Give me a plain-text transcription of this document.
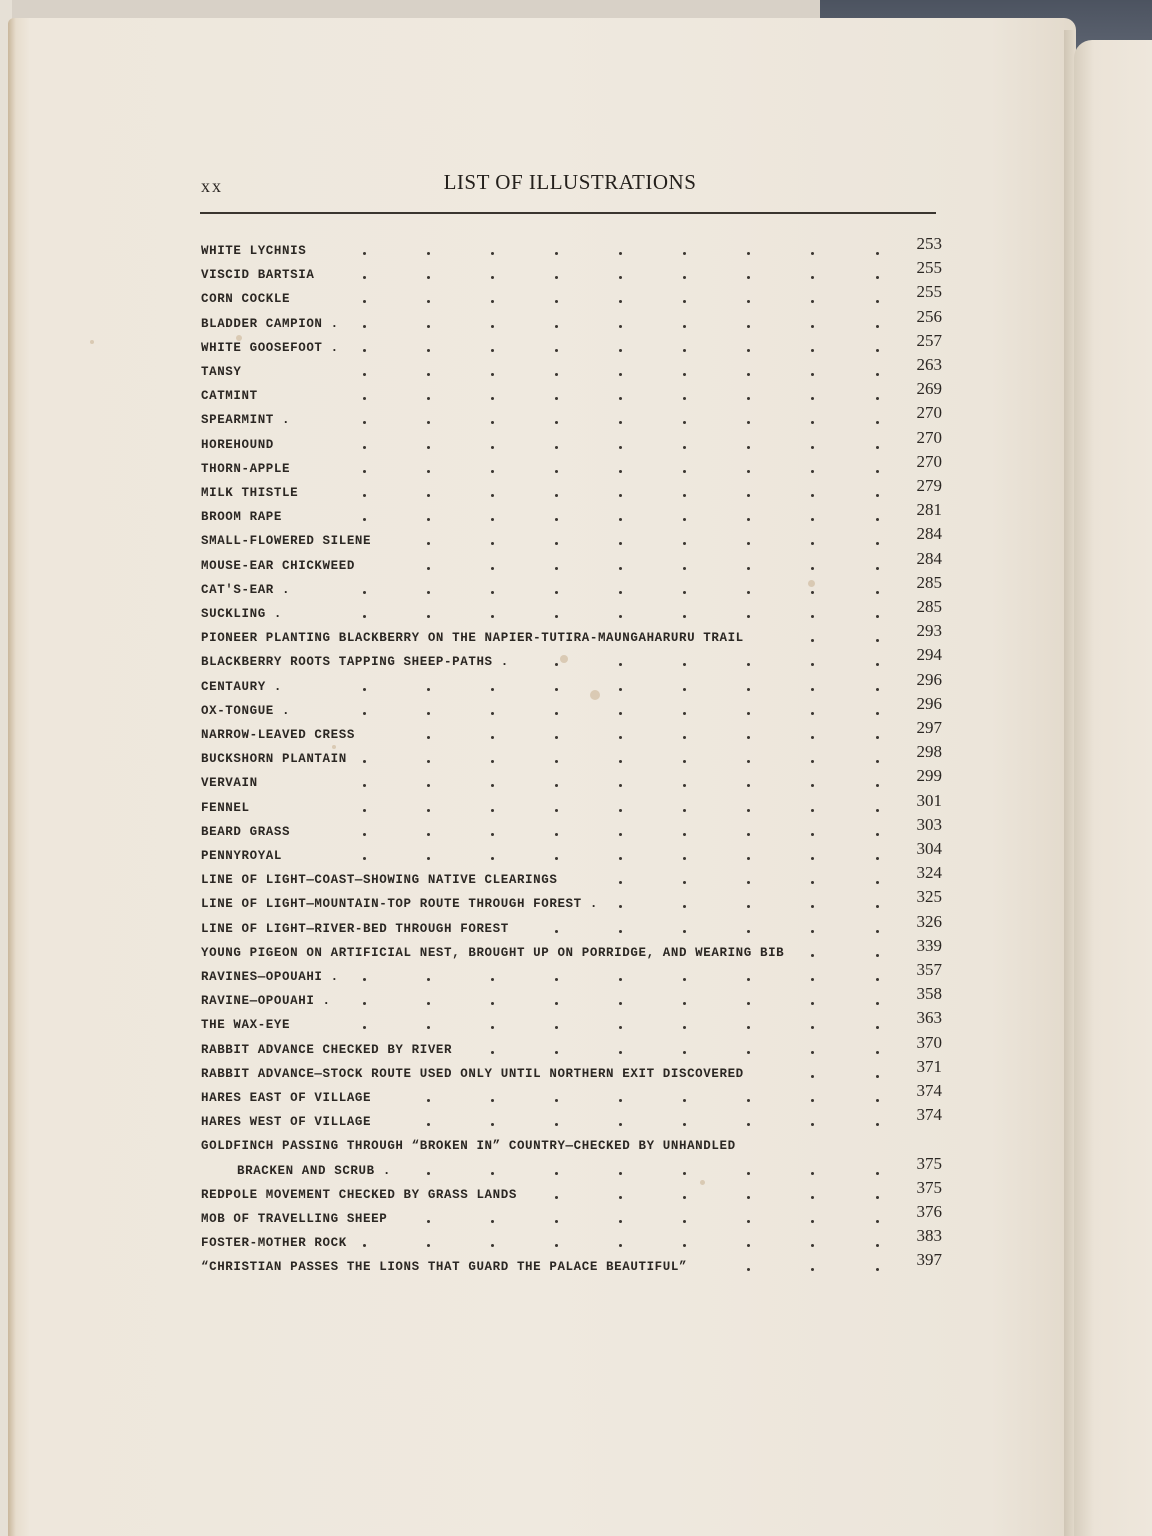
xx	LIST OF ILLUSTRATIONS
WHITE LYCHNIS	253
VISCID BARTSIA	255
CORN COCKLE	255
BLADDER CAMPION .	256
WHITE GOOSEFOOT .	257
TANSY	263
CATMINT	269
SPEARMINT .	270
HOREHOUND	270
THORN-APPLE	270
MILK THISTLE	279
BROOM RAPE	281
SMALL-FLOWERED SILENE	284
MOUSE-EAR CHICKWEED	284
CAT'S-EAR .	285
SUCKLING .	285
PIONEER PLANTING BLACKBERRY ON THE NAPIER-TUTIRA-MAUNGAHARURU TRAIL	293
BLACKBERRY ROOTS TAPPING SHEEP-PATHS .	294
CENTAURY .	296
OX-TONGUE .	296
NARROW-LEAVED CRESS	297
BUCKSHORN PLANTAIN	298
VERVAIN	299
FENNEL	301
BEARD GRASS	303
PENNYROYAL	304
LINE OF LIGHT—COAST—SHOWING NATIVE CLEARINGS	324
LINE OF LIGHT—MOUNTAIN-TOP ROUTE THROUGH FOREST .	325
LINE OF LIGHT—RIVER-BED THROUGH FOREST	326
YOUNG PIGEON ON ARTIFICIAL NEST, BROUGHT UP ON PORRIDGE, AND WEARING BIB	339
RAVINES—OPOUAHI .	357
RAVINE—OPOUAHI .	358
THE WAX-EYE	363
RABBIT ADVANCE CHECKED BY RIVER	370
RABBIT ADVANCE—STOCK ROUTE USED ONLY UNTIL NORTHERN EXIT DISCOVERED	371
HARES EAST OF VILLAGE	374
HARES WEST OF VILLAGE	374
GOLDFINCH PASSING THROUGH “BROKEN IN” COUNTRY—CHECKED BY UNHANDLED
BRACKEN AND SCRUB .	375
REDPOLE MOVEMENT CHECKED BY GRASS LANDS	375
MOB OF TRAVELLING SHEEP	376
FOSTER-MOTHER ROCK	383
“CHRISTIAN PASSES THE LIONS THAT GUARD THE PALACE BEAUTIFUL”	397
